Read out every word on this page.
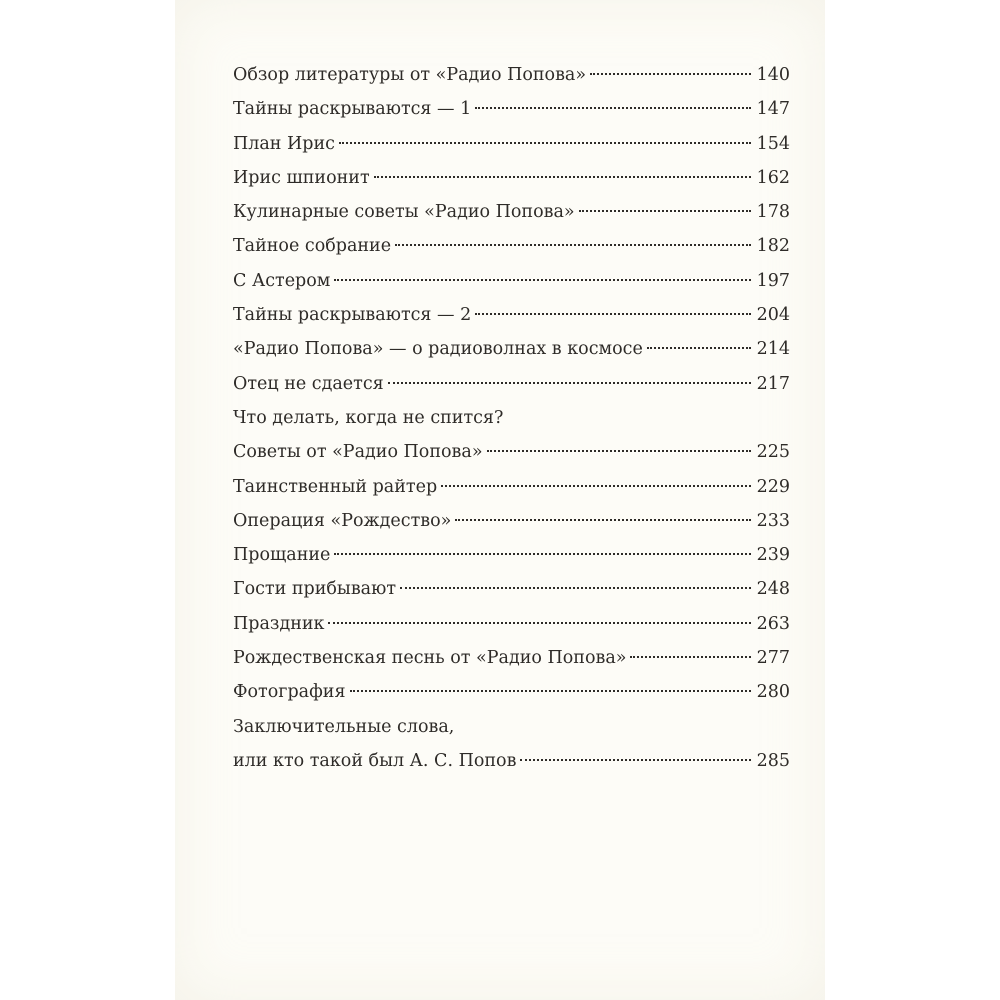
Обзор литературы от «Радио Попова»	140
Тайны раскрываются — 1	147
План Ирис	154
Ирис шпионит	162
Кулинарные советы «Радио Попова»	178
Тайное собрание	182
С Астером	197
Тайны раскрываются — 2	204
«Радио Попова» — о радиоволнах в космосе	214
Отец не сдается	217
Что делать, когда не спится?
Советы от «Радио Попова»	225
Таинственный райтер	229
Операция «Рождество»	233
Прощание	239
Гости прибывают	248
Праздник	263
Рождественская песнь от «Радио Попова»	277
Фотография	280
Заключительные слова,
или кто такой был А. С. Попов	285
